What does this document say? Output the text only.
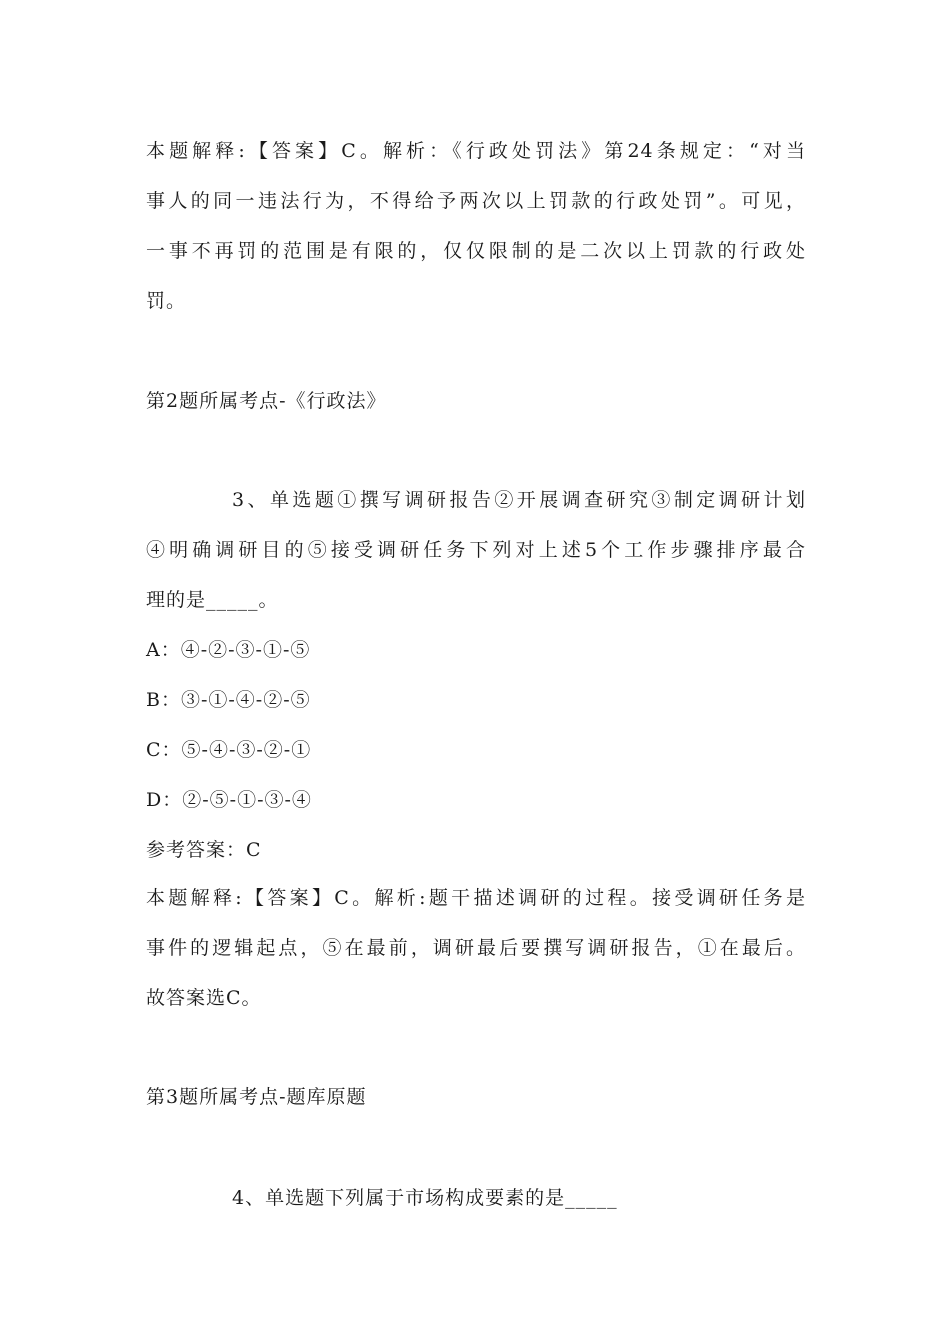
本题解释:【答案】C。解析：《行政处罚法》第24条规定：“对当
事人的同一违法行为，不得给予两次以上罚款的行政处罚”。可见，
一事不再罚的范围是有限的，仅仅限制的是二次以上罚款的行政处
罚。
第2题所属考点-《行政法》
3、单选题①撰写调研报告②开展调查研究③制定调研计划
④明确调研目的⑤接受调研任务下列对上述5个工作步骤排序最合
理的是_____。
A：④-②-③-①-⑤
B：③-①-④-②-⑤
C：⑤-④-③-②-①
D：②-⑤-①-③-④
参考答案：C
本题解释:【答案】C。解析:题干描述调研的过程。接受调研任务是
事件的逻辑起点，⑤在最前，调研最后要撰写调研报告，①在最后。
故答案选C。
第3题所属考点-题库原题
4、单选题下列属于市场构成要素的是_____
